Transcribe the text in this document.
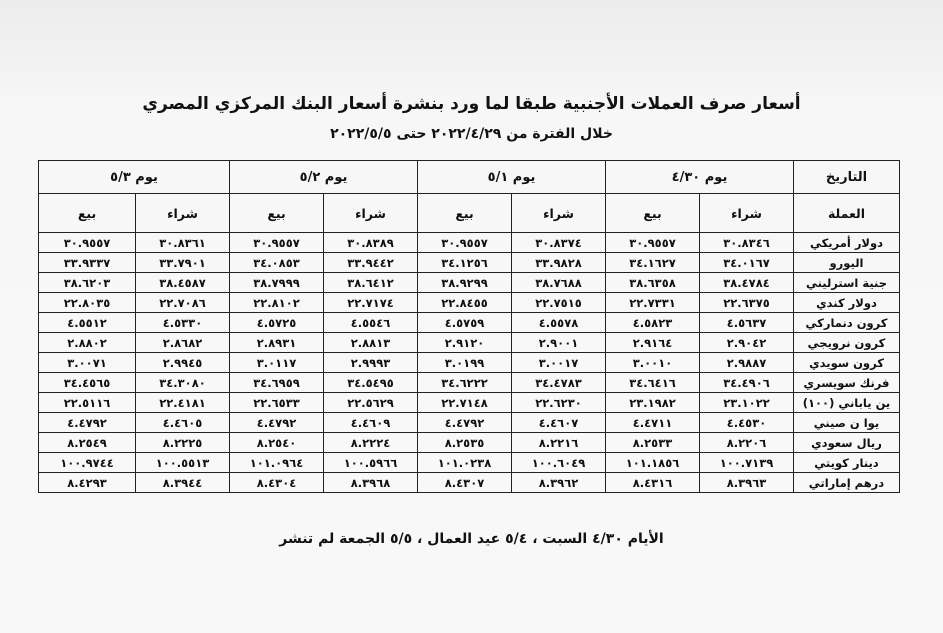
أسعار صرف العملات الأجنبية طبقا لما ورد بنشرة أسعار البنك المركزي المصري
خلال الفترة من ٢٠٢٢/٤/٢٩ حتى ٢٠٢٢/٥/٥
التاريخ	يوم ٤/٣٠		يوم ٥/١		يوم ٥/٢		يوم ٥/٣	
العملة	شراء	بيع	شراء	بيع	شراء	بيع	شراء	بيع
دولار أمريكي	٣٠.٨٣٤٦	٣٠.٩٥٥٧	٣٠.٨٣٧٤	٣٠.٩٥٥٧	٣٠.٨٣٨٩	٣٠.٩٥٥٧	٣٠.٨٣٦١	٣٠.٩٥٥٧
اليورو	٣٤.٠١٦٧	٣٤.١٦٢٧	٣٣.٩٨٢٨	٣٤.١٢٥٦	٣٣.٩٤٤٢	٣٤.٠٨٥٣	٣٣.٧٩٠١	٣٣.٩٣٣٧
جنية استرليني	٣٨.٤٧٨٤	٣٨.٦٣٥٨	٣٨.٧٦٨٨	٣٨.٩٢٩٩	٣٨.٦٤١٢	٣٨.٧٩٩٩	٣٨.٤٥٨٧	٣٨.٦٢٠٣
دولار كندي	٢٢.٦٣٧٥	٢٢.٧٣٣١	٢٢.٧٥١٥	٢٢.٨٤٥٥	٢٢.٧١٧٤	٢٢.٨١٠٢	٢٢.٧٠٨٦	٢٢.٨٠٣٥
كرون دنماركي	٤.٥٦٣٧	٤.٥٨٢٣	٤.٥٥٧٨	٤.٥٧٥٩	٤.٥٥٤٦	٤.٥٧٢٥	٤.٥٣٣٠	٤.٥٥١٢
كرون نرويجي	٢.٩٠٤٢	٢.٩١٦٤	٢.٩٠٠١	٢.٩١٢٠	٢.٨٨١٣	٢.٨٩٣١	٢.٨٦٨٢	٢.٨٨٠٢
كرون سويدي	٢.٩٨٨٧	٣.٠٠١٠	٣.٠٠١٧	٣.٠١٩٩	٢.٩٩٩٣	٣.٠١١٧	٢.٩٩٤٥	٣.٠٠٧١
فرنك سويسري	٣٤.٤٩٠٦	٣٤.٦٤١٦	٣٤.٤٧٨٣	٣٤.٦٢٢٢	٣٤.٥٤٩٥	٣٤.٦٩٥٩	٣٤.٣٠٨٠	٣٤.٤٥٦٥
ين ياباني (١٠٠)	٢٣.١٠٢٢	٢٣.١٩٨٢	٢٢.٦٢٣٠	٢٢.٧١٤٨	٢٢.٥٦٢٩	٢٢.٦٥٣٣	٢٢.٤١٨١	٢٢.٥١١٦
يوا ن صيني	٤.٤٥٣٠	٤.٤٧١١	٤.٤٦٠٧	٤.٤٧٩٢	٤.٤٦٠٩	٤.٤٧٩٢	٤.٤٦٠٥	٤.٤٧٩٢
ريال سعودي	٨.٢٢٠٦	٨.٢٥٣٣	٨.٢٢١٦	٨.٢٥٣٥	٨.٢٢٢٤	٨.٢٥٤٠	٨.٢٢٢٥	٨.٢٥٤٩
دينار كويتي	١٠٠.٧١٣٩	١٠١.١٨٥٦	١٠٠.٦٠٤٩	١٠١.٠٢٣٨	١٠٠.٥٩٦٦	١٠١.٠٩٦٤	١٠٠.٥٥١٣	١٠٠.٩٧٤٤
درهم إماراتي	٨.٣٩٦٣	٨.٤٣١٦	٨.٣٩٦٢	٨.٤٣٠٧	٨.٣٩٦٨	٨.٤٣٠٤	٨.٣٩٤٤	٨.٤٢٩٣
الأيام ٤/٣٠ السبت ، ٥/٤ عيد العمال ، ٥/٥ الجمعة لم تنشر
